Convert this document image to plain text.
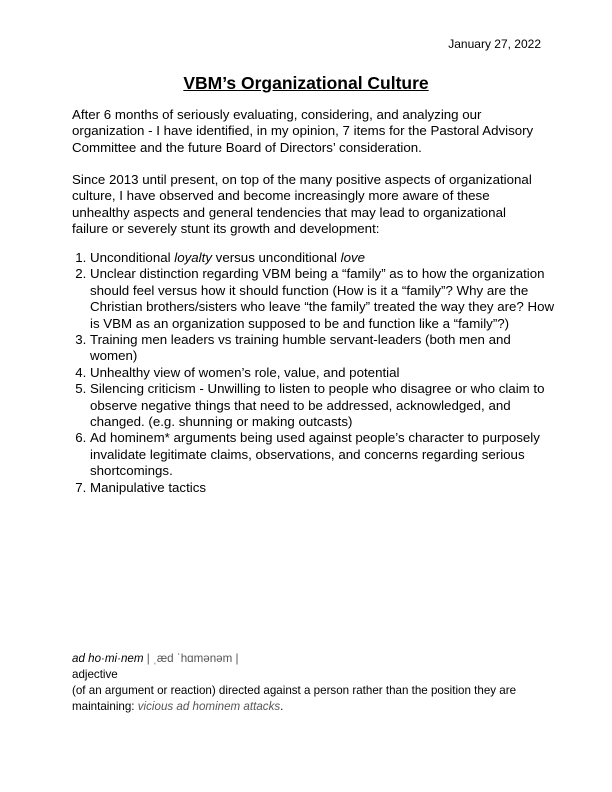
January 27, 2022
VBM’s Organizational Culture

After 6 months of seriously evaluating, considering, and analyzing our organization - I have identified, in my opinion, 7 items for the Pastoral Advisory Committee and the future Board of Directors’ consideration.

Since 2013 until present, on top of the many positive aspects of organizational culture, I have observed and become increasingly more aware of these unhealthy aspects and general tendencies that may lead to organizational failure or severely stunt its growth and development:

1. Unconditional loyalty versus unconditional love
2. Unclear distinction regarding VBM being a “family” as to how the organization should feel versus how it should function (How is it a “family”? Why are the Christian brothers/sisters who leave “the family” treated the way they are? How is VBM as an organization supposed to be and function like a “family”?)
3. Training men leaders vs training humble servant-leaders (both men and women)
4. Unhealthy view of women’s role, value, and potential
5. Silencing criticism - Unwilling to listen to people who disagree or who claim to observe negative things that need to be addressed, acknowledged, and changed. (e.g. shunning or making outcasts)
6. Ad hominem* arguments being used against people’s character to purposely invalidate legitimate claims, observations, and concerns regarding serious shortcomings.
7. Manipulative tactics
ad ho·mi·nem | ˌæd ˈhɑmənəm |
adjective
(of an argument or reaction) directed against a person rather than the position they are maintaining: vicious ad hominem attacks.
